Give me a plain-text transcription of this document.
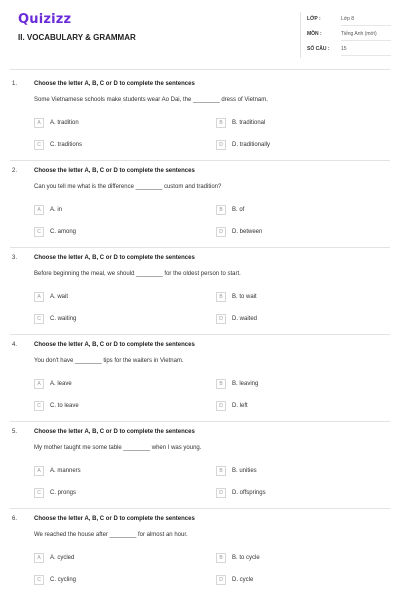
Quizizz
II. VOCABULARY & GRAMMAR
LỚP :	Lớp 8
MÔN :	Tiếng Anh (mới)
SỐ CÂU : 15
1.	Choose the letter A, B, C or D to complete the sentences
Some Vietnamese schools make students wear Ao Dai, the ________ dress of Vietnam.
A	A. tradition	B	B. traditional
C	C. traditions	D	D. traditionally
2.	Choose the letter A, B, C or D to complete the sentences
Can you tell me what is the difference ________ custom and tradition?
A	A. in	B	B. of
C	C. among	D	D. between
3.	Choose the letter A, B, C or D to complete the sentences
Before beginning the meal, we should ________ for the oldest person to start.
A	A. wait	B	B. to wait
C	C. waiting	D	D. waited
4.	Choose the letter A, B, C or D to complete the sentences
You don't have ________ tips for the waiters in Vietnam.
A	A. leave	B	B. leaving
C	C. to leave	D	D. left
5.	Choose the letter A, B, C or D to complete the sentences
My mother taught me some table ________ when I was young.
A	A. manners	B	B. unities
C	C. prongs	D	D. offsprings
6.	Choose the letter A, B, C or D to complete the sentences
We reached the house after ________ for almost an hour.
A	A. cycled	B	B. to cycle
C	C. cycling	D	D. cycle
